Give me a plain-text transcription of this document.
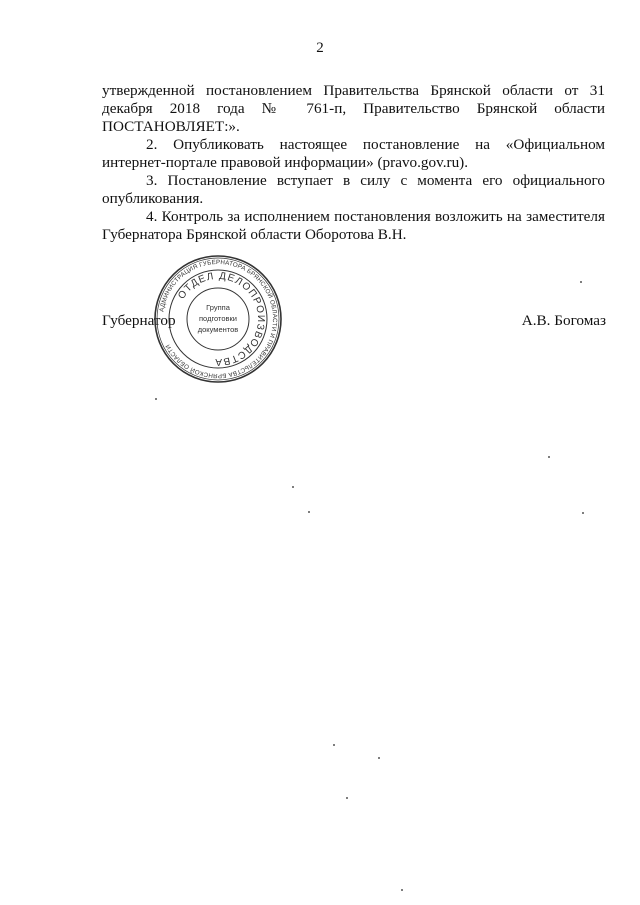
2

утвержденной постановлением Правительства Брянской области от 31 декабря 2018 года № 761-п, Правительство Брянской области ПОСТАНОВЛЯЕТ:».

2. Опубликовать настоящее постановление на «Официальном интернет-портале правовой информации» (pravo.gov.ru).

3. Постановление вступает в силу с момента его официального опубликования.

4. Контроль за исполнением постановления возложить на заместителя Губернатора Брянской области Оборотова В.Н.

Губернатор	А.В. Богомаз
АДМИНИСТРАЦИЯ ГУБЕРНАТОРА БРЯНСКОЙ ОБЛАСТИ И ПРАВИТЕЛЬСТВА БРЯНСКОЙ ОБЛАСТИ
ОТДЕЛ ДЕЛОПРОИЗВОДСТВА
Группа
подготовки
документов
